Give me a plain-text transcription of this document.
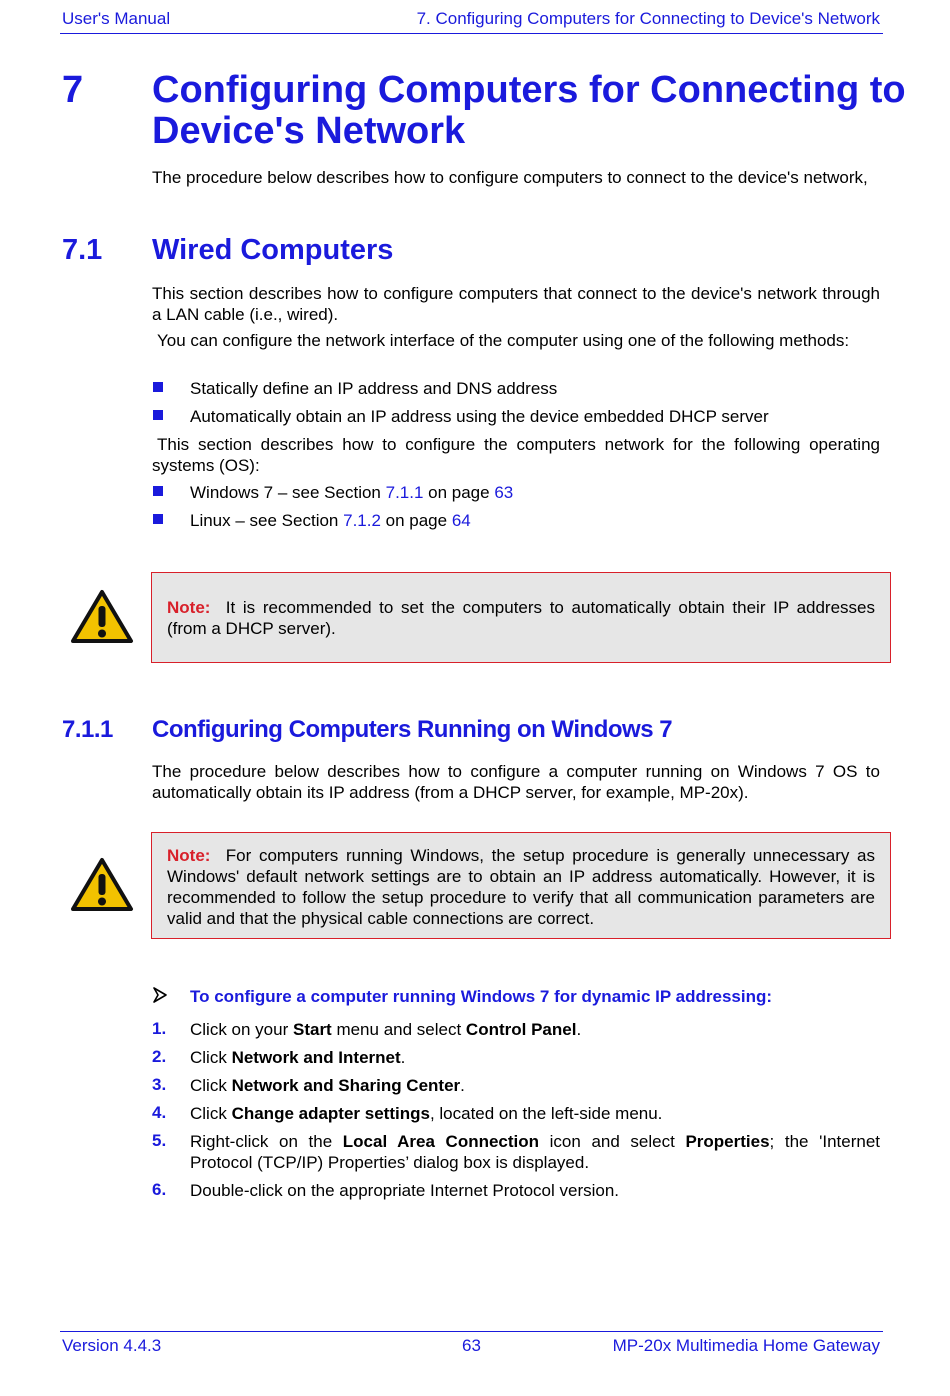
User's Manual	7. Configuring Computers for Connecting to Device's Network
7 Configuring Computers for Connecting to
Device's Network
The procedure below describes how to configure computers to connect to the device's network,
7.1 Wired Computers
This section describes how to configure computers that connect to the device's network through a LAN cable (i.e., wired).
You can configure the network interface of the computer using one of the following methods:
Statically define an IP address and DNS address
Automatically obtain an IP address using the device embedded DHCP server
This section describes how to configure the computers network for the following operating systems (OS):
Windows 7 – see Section 7.1.1 on page 63
Linux – see Section 7.1.2 on page 64
Note: It is recommended to set the computers to automatically obtain their IP addresses (from a DHCP server).
7.1.1 Configuring Computers Running on Windows 7
The procedure below describes how to configure a computer running on Windows 7 OS to automatically obtain its IP address (from a DHCP server, for example, MP-20x).
Note: For computers running Windows, the setup procedure is generally unnecessary as Windows' default network settings are to obtain an IP address automatically. However, it is recommended to follow the setup procedure to verify that all communication parameters are valid and that the physical cable connections are correct.
To configure a computer running Windows 7 for dynamic IP addressing:
1. Click on your Start menu and select Control Panel.
2. Click Network and Internet.
3. Click Network and Sharing Center.
4. Click Change adapter settings, located on the left-side menu.
5. Right-click on the Local Area Connection icon and select Properties; the 'Internet Protocol (TCP/IP) Properties’ dialog box is displayed.
6. Double-click on the appropriate Internet Protocol version.
Version 4.4.3	63	MP-20x Multimedia Home Gateway
